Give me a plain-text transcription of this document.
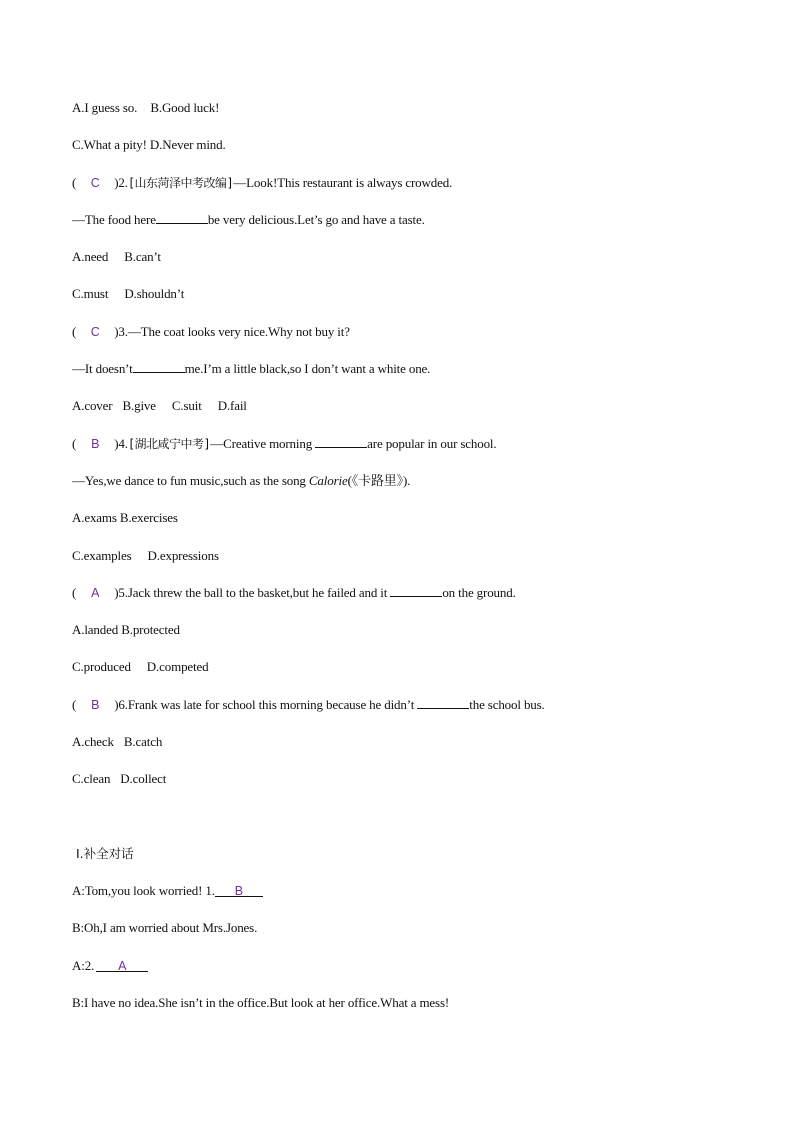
A.I guess so. B.Good luck!
C.What a pity! D.Never mind.
( C )2.[山东菏泽中考改编]—Look!This restaurant is always crowded.
—The food here	be very delicious.Let’s go and have a taste.
A.need B.can’t
C.must D.shouldn’t
( C )3.—The coat looks very nice.Why not buy it?
—It doesn’t	me.I’m a little black,so I don’t want a white one.
A.cover B.give C.suit D.fail
( B )4.[湖北咸宁中考]—Creative morning	are popular in our school.
—Yes,we dance to fun music,such as the song Calorie(《卡路里》).
A.exams B.exercises
C.examples D.expressions
( A )5.Jack threw the ball to the basket,but he failed and it	on the ground.
A.landed B.protected
C.produced D.competed
( B )6.Frank was late for school this morning because he didn’t	the school bus.
A.check B.catch
C.clean D.collect
Ⅰ.补全对话
A:Tom,you look worried! 1. B
B:Oh,I am worried about Mrs.Jones.
A:2. A
B:I have no idea.She isn’t in the office.But look at her office.What a mess!
